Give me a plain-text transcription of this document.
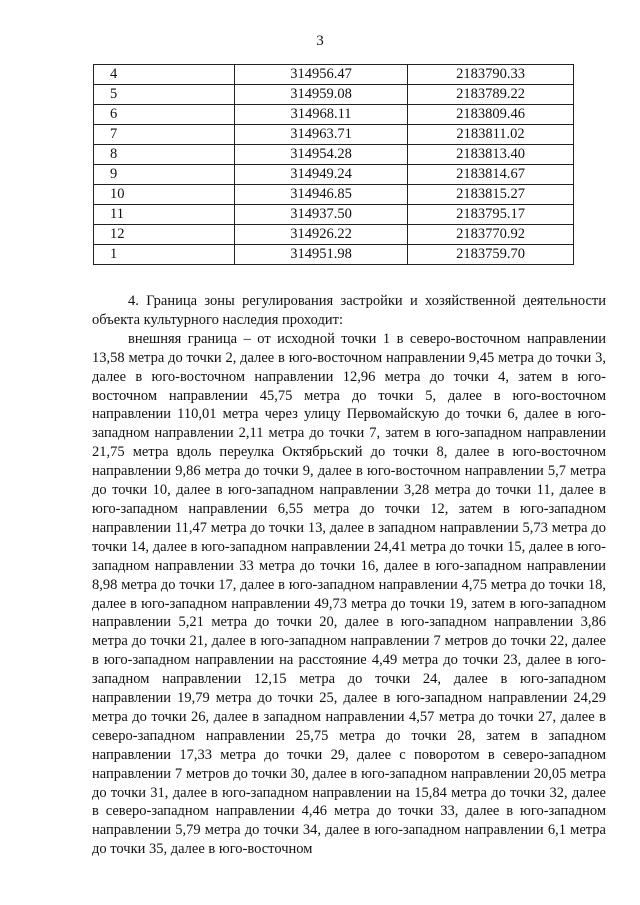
3
4	314956.47	2183790.33
5	314959.08	2183789.22
6	314968.11	2183809.46
7	314963.71	2183811.02
8	314954.28	2183813.40
9	314949.24	2183814.67
10	314946.85	2183815.27
11	314937.50	2183795.17
12	314926.22	2183770.92
1	314951.98	2183759.70

4. Граница зоны регулирования застройки и хозяйственной деятельности объекта культурного наследия проходит:

внешняя граница – от исходной точки 1 в северо-восточном направлении 13,58 метра до точки 2, далее в юго-восточном направлении 9,45 метра до точки 3, далее в юго-восточном направлении 12,96 метра до точки 4, затем в юго-восточном направлении 45,75 метра до точки 5, далее в юго-восточном направлении 110,01 метра через улицу Первомайскую до точки 6, далее в юго-западном направлении 2,11 метра до точки 7, затем в юго-западном направлении 21,75 метра вдоль переулка Октябрьский до точки 8, далее в юго-восточном направлении 9,86 метра до точки 9, далее в юго-восточном направлении 5,7 метра до точки 10, далее в юго-западном направлении 3,28 метра до точки 11, далее в юго-западном направлении 6,55 метра до точки 12, затем в юго-западном направлении 11,47 метра до точки 13, далее в западном направлении 5,73 метра до точки 14, далее в юго-западном направлении 24,41 метра до точки 15, далее в юго-западном направлении 33 метра до точки 16, далее в юго-западном направлении 8,98 метра до точки 17, далее в юго-западном направлении 4,75 метра до точки 18, далее в юго-западном направлении 49,73 метра до точки 19, затем в юго-западном направлении 5,21 метра до точки 20, далее в юго-западном направлении 3,86 метра до точки 21, далее в юго-западном направлении 7 метров до точки 22, далее в юго-западном направлении на расстояние 4,49 метра до точки 23, далее в юго-западном направлении 12,15 метра до точки 24, далее в юго-западном направлении 19,79 метра до точки 25, далее в юго-западном направлении 24,29 метра до точки 26, далее в западном направлении 4,57 метра до точки 27, далее в северо-западном направлении 25,75 метра до точки 28, затем в западном направлении 17,33 метра до точки 29, далее с поворотом в северо-западном направлении 7 метров до точки 30, далее в юго-западном направлении 20,05 метра до точки 31, далее в юго-западном направлении на 15,84 метра до точки 32, далее в северо-западном направлении 4,46 метра до точки 33, далее в юго-западном направлении 5,79 метра до точки 34, далее в юго-западном направлении 6,1 метра до точки 35, далее в юго-восточном
